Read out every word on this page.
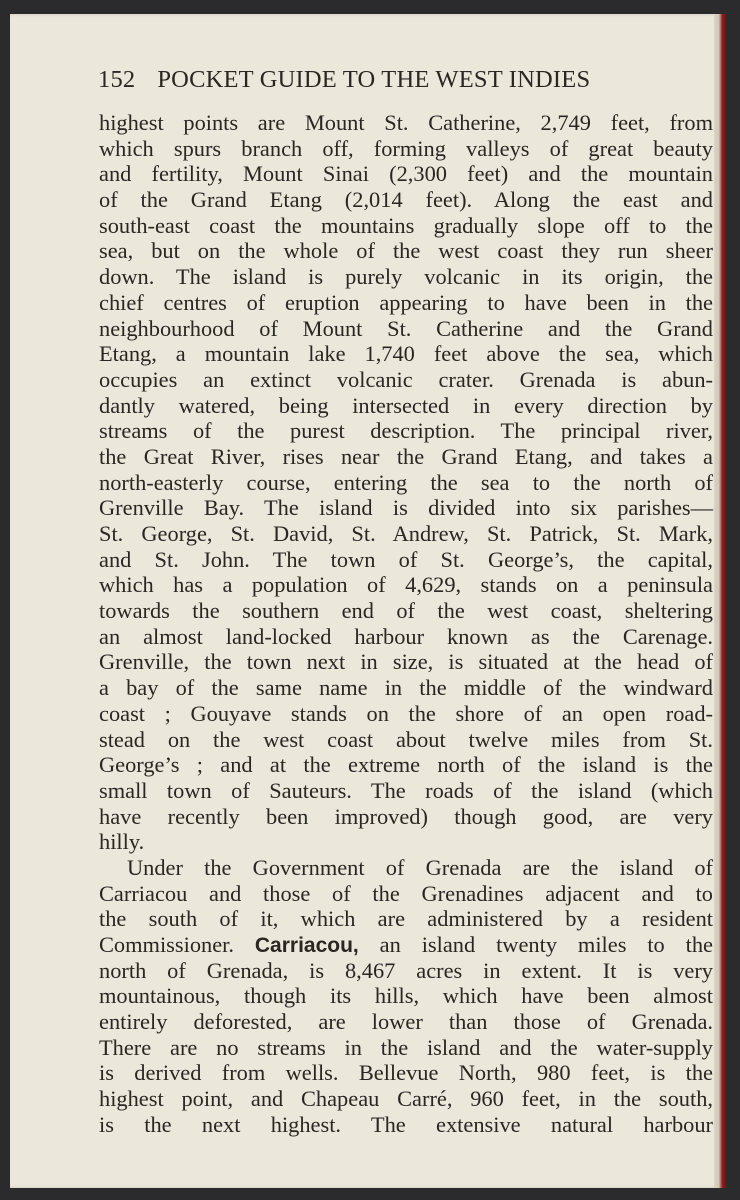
152 POCKET GUIDE TO THE WEST INDIES
highest points are Mount St. Catherine, 2,749 feet, from
which spurs branch off, forming valleys of great beauty
and fertility, Mount Sinai (2,300 feet) and the mountain
of the Grand Etang (2,014 feet). Along the east and
south-east coast the mountains gradually slope off to the
sea, but on the whole of the west coast they run sheer
down. The island is purely volcanic in its origin, the
chief centres of eruption appearing to have been in the
neighbourhood of Mount St. Catherine and the Grand
Etang, a mountain lake 1,740 feet above the sea, which
occupies an extinct volcanic crater. Grenada is abun-
dantly watered, being intersected in every direction by
streams of the purest description. The principal river,
the Great River, rises near the Grand Etang, and takes a
north-easterly course, entering the sea to the north of
Grenville Bay. The island is divided into six parishes—
St. George, St. David, St. Andrew, St. Patrick, St. Mark,
and St. John. The town of St. George’s, the capital,
which has a population of 4,629, stands on a peninsula
towards the southern end of the west coast, sheltering
an almost land-locked harbour known as the Carenage.
Grenville, the town next in size, is situated at the head of
a bay of the same name in the middle of the windward
coast ; Gouyave stands on the shore of an open road-
stead on the west coast about twelve miles from St.
George’s ; and at the extreme north of the island is the
small town of Sauteurs. The roads of the island (which
have recently been improved) though good, are very
hilly.
Under the Government of Grenada are the island of
Carriacou and those of the Grenadines adjacent and to
the south of it, which are administered by a resident
Commissioner. Carriacou, an island twenty miles to the
north of Grenada, is 8,467 acres in extent. It is very
mountainous, though its hills, which have been almost
entirely deforested, are lower than those of Grenada.
There are no streams in the island and the water-supply
is derived from wells. Bellevue North, 980 feet, is the
highest point, and Chapeau Carré, 960 feet, in the south,
is the next highest. The extensive natural harbour
